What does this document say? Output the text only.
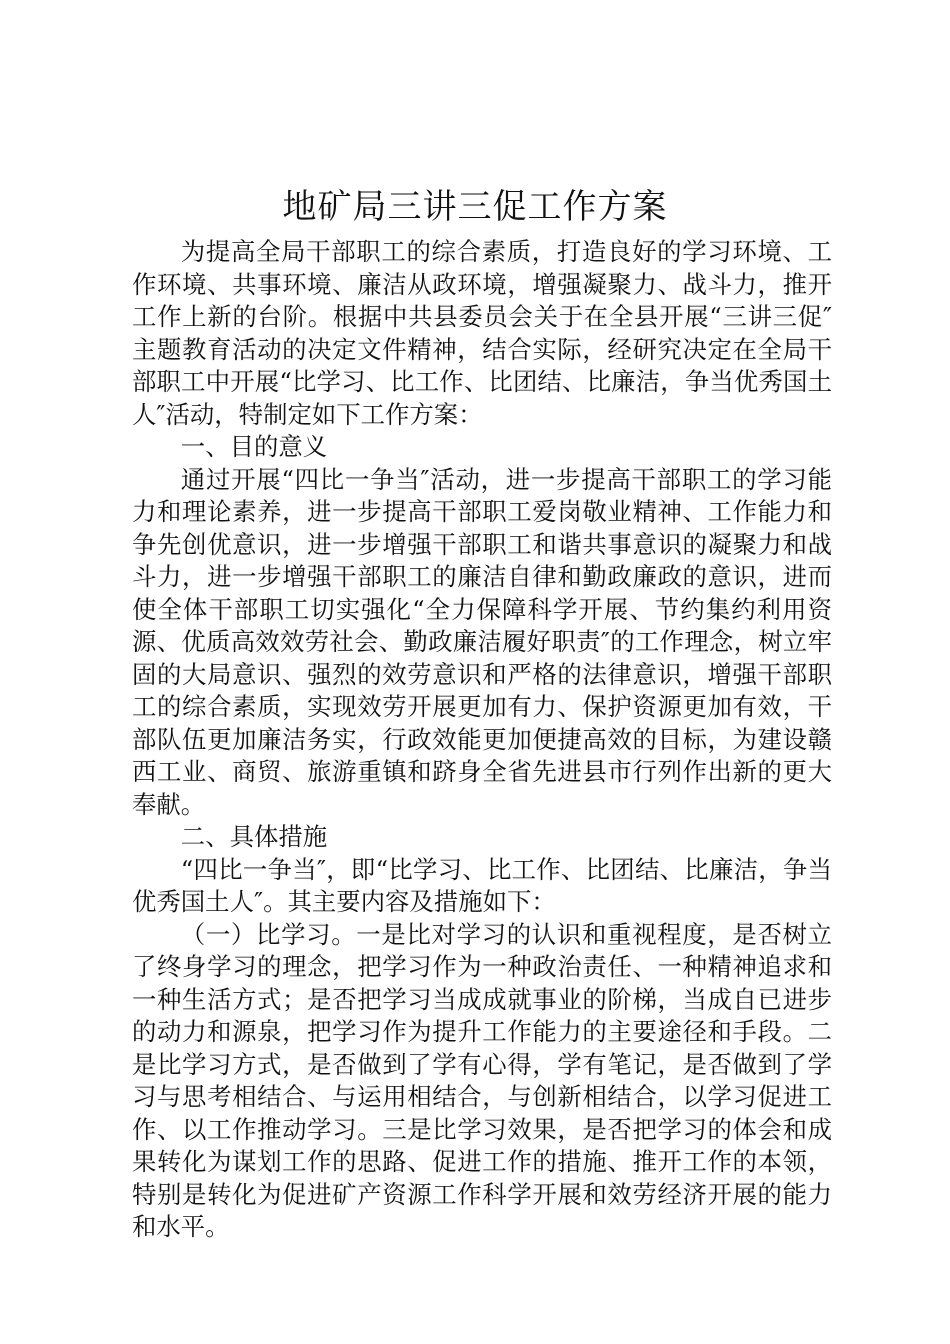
地矿局三讲三促工作方案

为提高全局干部职工的综合素质，打造良好的学习环境、工作环境、共事环境、廉洁从政环境，增强凝聚力、战斗力，推开工作上新的台阶。根据中共县委员会关于在全县开展“三讲三促″主题教育活动的决定文件精神，结合实际，经研究决定在全局干部职工中开展“比学习、比工作、比团结、比廉洁，争当优秀国土人″活动，特制定如下工作方案：

一、目的意义

通过开展“四比一争当″活动，进一步提高干部职工的学习能力和理论素养，进一步提高干部职工爱岗敬业精神、工作能力和争先创优意识，进一步增强干部职工和谐共事意识的凝聚力和战斗力，进一步增强干部职工的廉洁自律和勤政廉政的意识，进而使全体干部职工切实强化“全力保障科学开展、节约集约利用资源、优质高效效劳社会、勤政廉洁履好职责″的工作理念，树立牢固的大局意识、强烈的效劳意识和严格的法律意识，增强干部职工的综合素质，实现效劳开展更加有力、保护资源更加有效，干部队伍更加廉洁务实，行政效能更加便捷高效的目标，为建设赣西工业、商贸、旅游重镇和跻身全省先进县市行列作出新的更大奉献。

二、具体措施

“四比一争当″，即“比学习、比工作、比团结、比廉洁，争当优秀国土人″。其主要内容及措施如下：

（一）比学习。一是比对学习的认识和重视程度，是否树立了终身学习的理念，把学习作为一种政治责任、一种精神追求和一种生活方式；是否把学习当成成就事业的阶梯，当成自已进步的动力和源泉，把学习作为提升工作能力的主要途径和手段。二是比学习方式，是否做到了学有心得，学有笔记，是否做到了学习与思考相结合、与运用相结合，与创新相结合，以学习促进工作、以工作推动学习。三是比学习效果，是否把学习的体会和成果转化为谋划工作的思路、促进工作的措施、推开工作的本领，特别是转化为促进矿产资源工作科学开展和效劳经济开展的能力和水平。
